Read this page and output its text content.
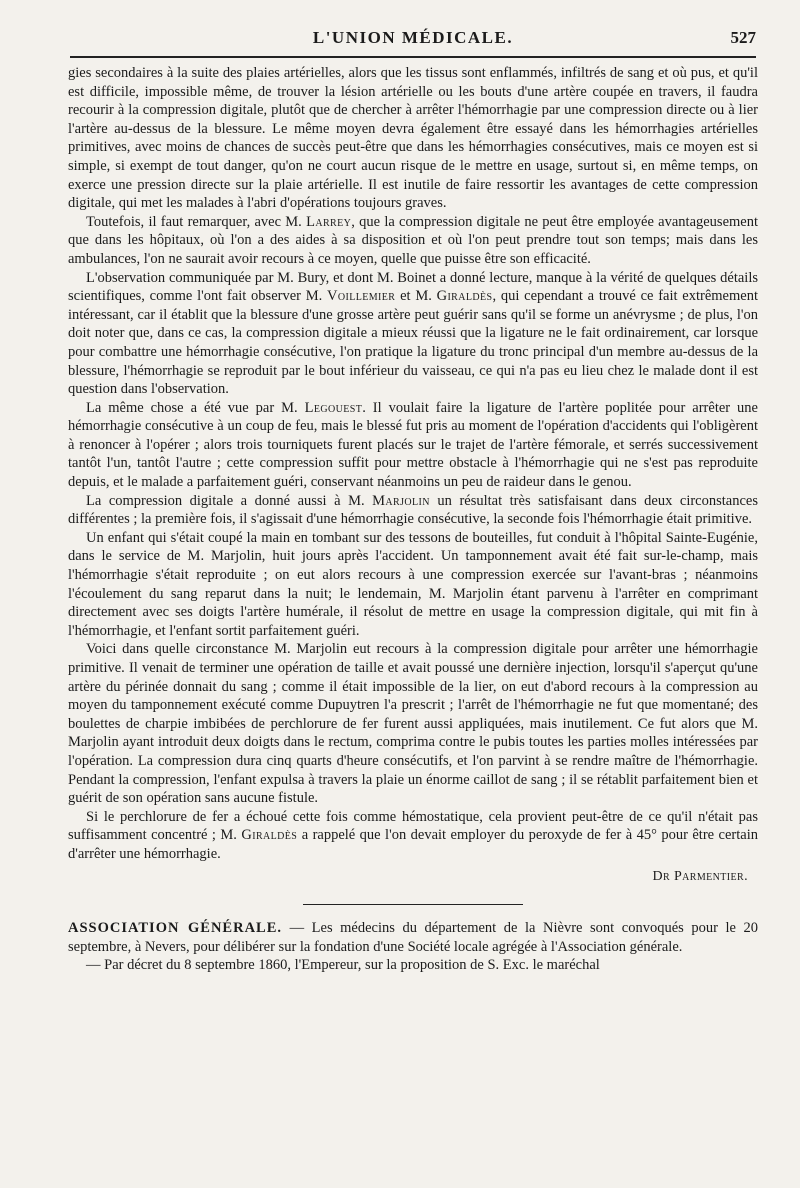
L'UNION MÉDICALE.	527

gies secondaires à la suite des plaies artérielles, alors que les tissus sont enflammés, infiltrés de sang et où pus, et qu'il est difficile, impossible même, de trouver la lésion artérielle ou les bouts d'une artère coupée en travers, il faudra recourir à la compression digitale, plutôt que de chercher à arrêter l'hémorrhagie par une compression directe ou à lier l'artère au-dessus de la blessure. Le même moyen devra également être essayé dans les hémorrhagies artérielles primitives, avec moins de chances de succès peut-être que dans les hémorrhagies consécutives, mais ce moyen est si simple, si exempt de tout danger, qu'on ne court aucun risque de le mettre en usage, surtout si, en même temps, on exerce une pression directe sur la plaie artérielle. Il est inutile de faire ressortir les avantages de cette compression digitale, qui met les malades à l'abri d'opérations toujours graves.

Toutefois, il faut remarquer, avec M. Larrey, que la compression digitale ne peut être employée avantageusement que dans les hôpitaux, où l'on a des aides à sa disposition et où l'on peut prendre tout son temps; mais dans les ambulances, l'on ne saurait avoir recours à ce moyen, quelle que puisse être son efficacité.

L'observation communiquée par M. Bury, et dont M. Boinet a donné lecture, manque à la vérité de quelques détails scientifiques, comme l'ont fait observer M. Voillemier et M. Giraldès, qui cependant a trouvé ce fait extrêmement intéressant, car il établit que la blessure d'une grosse artère peut guérir sans qu'il se forme un anévrysme ; de plus, l'on doit noter que, dans ce cas, la compression digitale a mieux réussi que la ligature ne le fait ordinairement, car lorsque pour combattre une hémorrhagie consécutive, l'on pratique la ligature du tronc principal d'un membre au-dessus de la blessure, l'hémorrhagie se reproduit par le bout inférieur du vaisseau, ce qui n'a pas eu lieu chez le malade dont il est question dans l'observation.

La même chose a été vue par M. Legouest. Il voulait faire la ligature de l'artère poplitée pour arrêter une hémorrhagie consécutive à un coup de feu, mais le blessé fut pris au moment de l'opération d'accidents qui l'obligèrent à renoncer à l'opérer ; alors trois tourniquets furent placés sur le trajet de l'artère fémorale, et serrés successivement tantôt l'un, tantôt l'autre ; cette compression suffit pour mettre obstacle à l'hémorrhagie qui ne s'est pas reproduite depuis, et le malade a parfaitement guéri, conservant néanmoins un peu de raideur dans le genou.

La compression digitale a donné aussi à M. Marjolin un résultat très satisfaisant dans deux circonstances différentes ; la première fois, il s'agissait d'une hémorrhagie consécutive, la seconde fois l'hémorrhagie était primitive.

Un enfant qui s'était coupé la main en tombant sur des tessons de bouteilles, fut conduit à l'hôpital Sainte-Eugénie, dans le service de M. Marjolin, huit jours après l'accident. Un tamponnement avait été fait sur-le-champ, mais l'hémorrhagie s'était reproduite ; on eut alors recours à une compression exercée sur l'avant-bras ; néanmoins l'écoulement du sang reparut dans la nuit; le lendemain, M. Marjolin étant parvenu à l'arrêter en comprimant directement avec ses doigts l'artère humérale, il résolut de mettre en usage la compression digitale, qui mit fin à l'hémorrhagie, et l'enfant sortit parfaitement guéri.

Voici dans quelle circonstance M. Marjolin eut recours à la compression digitale pour arrêter une hémorrhagie primitive. Il venait de terminer une opération de taille et avait poussé une dernière injection, lorsqu'il s'aperçut qu'une artère du périnée donnait du sang ; comme il était impossible de la lier, on eut d'abord recours à la compression au moyen du tamponnement exécuté comme Dupuytren l'a prescrit ; l'arrêt de l'hémorrhagie ne fut que momentané; des boulettes de charpie imbibées de perchlorure de fer furent aussi appliquées, mais inutilement. Ce fut alors que M. Marjolin ayant introduit deux doigts dans le rectum, comprima contre le pubis toutes les parties molles intéressées par l'opération. La compression dura cinq quarts d'heure consécutifs, et l'on parvint à se rendre maître de l'hémorrhagie. Pendant la compression, l'enfant expulsa à travers la plaie un énorme caillot de sang ; il se rétablit parfaitement bien et guérit de son opération sans aucune fistule.

Si le perchlorure de fer a échoué cette fois comme hémostatique, cela provient peut-être de ce qu'il n'était pas suffisamment concentré ; M. Giraldès a rappelé que l'on devait employer du peroxyde de fer à 45° pour être certain d'arrêter une hémorrhagie.

Dr Parmentier.

ASSOCIATION GÉNÉRALE. — Les médecins du département de la Nièvre sont convoqués pour le 20 septembre, à Nevers, pour délibérer sur la fondation d'une Société locale agrégée à l'Association générale.

— Par décret du 8 septembre 1860, l'Empereur, sur la proposition de S. Exc. le maréchal
